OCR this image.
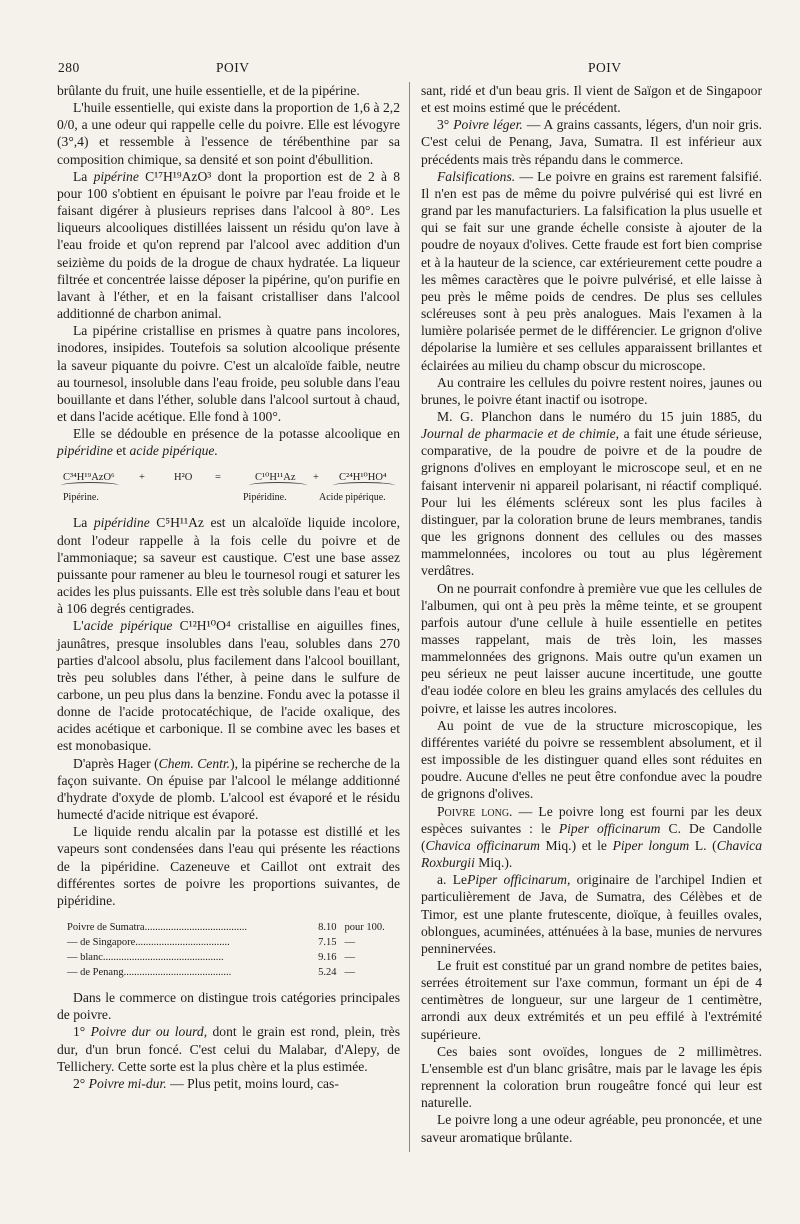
280	POIV	POIV

brûlante du fruit, une huile essentielle, et de la pipérine.

L'huile essentielle, qui existe dans la proportion de 1,6 à 2,2 0/0, a une odeur qui rappelle celle du poivre. Elle est lévogyre (3°,4) et ressemble à l'essence de térébenthine par sa composition chimique, sa densité et son point d'ébullition.

La pipérine C¹⁷H¹⁹AzO³ dont la proportion est de 2 à 8 pour 100 s'obtient en épuisant le poivre par l'eau froide et le faisant digérer à plusieurs reprises dans l'alcool à 80°. Les liqueurs alcooliques distillées laissent un résidu qu'on lave à l'eau froide et qu'on reprend par l'alcool avec addition d'un seizième du poids de la drogue de chaux hydratée. La liqueur filtrée et concentrée laisse déposer la pipérine, qu'on purifie en lavant à l'éther, et en la faisant cristalliser dans l'alcool additionné de charbon animal.

La pipérine cristallise en prismes à quatre pans incolores, inodores, insipides. Toutefois sa solution alcoolique présente la saveur piquante du poivre. C'est un alcaloïde faible, neutre au tournesol, insoluble dans l'eau froide, peu soluble dans l'eau bouillante et dans l'éther, soluble dans l'alcool surtout à chaud, et dans l'acide acétique. Elle fond à 100°.

Elle se dédouble en présence de la potasse alcoolique en pipéridine et acide pipérique.

C³⁴H¹⁹AzO⁶ +	H²O =	C¹⁰H¹¹Az + C²⁴H¹⁰HO⁴
Pipérine.	Pipéridine.	Acide pipérique.

La pipéridine C⁵H¹¹Az est un alcaloïde liquide incolore, dont l'odeur rappelle à la fois celle du poivre et de l'ammoniaque; sa saveur est caustique. C'est une base assez puissante pour ramener au bleu le tournesol rougi et saturer les acides les plus puissants. Elle est très soluble dans l'eau et bout à 106 degrés centigrades.

L'acide pipérique C¹²H¹⁰O⁴ cristallise en aiguilles fines, jaunâtres, presque insolubles dans l'eau, solubles dans 270 parties d'alcool absolu, plus facilement dans l'alcool bouillant, très peu solubles dans l'éther, à peine dans le sulfure de carbone, un peu plus dans la benzine. Fondu avec la potasse il donne de l'acide protocatéchique, de l'acide oxalique, des acides acétique et carbonique. Il se combine avec les bases et est monobasique.

D'après Hager (Chem. Centr.), la pipérine se recherche de la façon suivante. On épuise par l'alcool le mélange additionné d'hydrate d'oxyde de plomb. L'alcool est évaporé et le résidu humecté d'acide nitrique est évaporé.

Le liquide rendu alcalin par la potasse est distillé et les vapeurs sont condensées dans l'eau qui présente les réactions de la pipéridine. Cazeneuve et Caillot ont extrait des différentes sortes de poivre les proportions suivantes, de pipéridine.

Poivre de Sumatra.......................................	8.10 pour 100.
— de Singapore....................................	7.15 —
— blanc..............................................	9.16 —
— de Penang.........................................	5.24 —

Dans le commerce on distingue trois catégories principales de poivre.

1° Poivre dur ou lourd, dont le grain est rond, plein, très dur, d'un brun foncé. C'est celui du Malabar, d'Alepy, de Tellichery. Cette sorte est la plus chère et la plus estimée.

2° Poivre mi-dur. — Plus petit, moins lourd, cas-

sant, ridé et d'un beau gris. Il vient de Saïgon et de Singapoor et est moins estimé que le précédent.

3° Poivre léger. — A grains cassants, légers, d'un noir gris. C'est celui de Penang, Java, Sumatra. Il est inférieur aux précédents mais très répandu dans le commerce.

Falsifications. — Le poivre en grains est rarement falsifié. Il n'en est pas de même du poivre pulvérisé qui est livré en grand par les manufacturiers. La falsification la plus usuelle et qui se fait sur une grande échelle consiste à ajouter de la poudre de noyaux d'olives. Cette fraude est fort bien comprise et à la hauteur de la science, car extérieurement cette poudre a les mêmes caractères que le poivre pulvérisé, et elle laisse à peu près le même poids de cendres. De plus ses cellules scléreuses sont à peu près analogues. Mais l'examen à la lumière polarisée permet de le différencier. Le grignon d'olive dépolarise la lumière et ses cellules apparaissent brillantes et éclairées au milieu du champ obscur du microscope.

Au contraire les cellules du poivre restent noires, jaunes ou brunes, le poivre étant inactif ou isotrope.

M. G. Planchon dans le numéro du 15 juin 1885, du Journal de pharmacie et de chimie, a fait une étude sérieuse, comparative, de la poudre de poivre et de la poudre de grignons d'olives en employant le microscope seul, et en ne faisant intervenir ni appareil polarisant, ni réactif compliqué. Pour lui les éléments scléreux sont les plus faciles à distinguer, par la coloration brune de leurs membranes, tandis que les grignons donnent des cellules ou des masses mammelonnées, incolores ou tout au plus légèrement verdâtres.

On ne pourrait confondre à première vue que les cellules de l'albumen, qui ont à peu près la même teinte, et se groupent parfois autour d'une cellule à huile essentielle en petites masses rappelant, mais de très loin, les masses mammelonnées des grignons. Mais outre qu'un examen un peu sérieux ne peut laisser aucune incertitude, une goutte d'eau iodée colore en bleu les grains amylacés des cellules du poivre, et laisse les autres incolores.

Au point de vue de la structure microscopique, les différentes variété du poivre se ressemblent absolument, et il est impossible de les distinguer quand elles sont réduites en poudre. Aucune d'elles ne peut être confondue avec la poudre de grignons d'olives.

Poivre long. — Le poivre long est fourni par les deux espèces suivantes : le Piper officinarum C. De Candolle (Chavica officinarum Miq.) et le Piper longum L. (Chavica Roxburgii Miq.).

a. LePiper officinarum, originaire de l'archipel Indien et particulièrement de Java, de Sumatra, des Célèbes et de Timor, est une plante frutescente, dioïque, à feuilles ovales, oblongues, acuminées, atténuées à la base, munies de nervures penninervées.

Le fruit est constitué par un grand nombre de petites baies, serrées étroitement sur l'axe commun, formant un épi de 4 centimètres de longueur, sur une largeur de 1 centimètre, arrondi aux deux extrémités et un peu effilé à l'extrémité supérieure.

Ces baies sont ovoïdes, longues de 2 millimètres. L'ensemble est d'un blanc grisâtre, mais par le lavage les épis reprennent la coloration brun rougeâtre foncé qui leur est naturelle.

Le poivre long a une odeur agréable, peu prononcée, et une saveur aromatique brûlante.
